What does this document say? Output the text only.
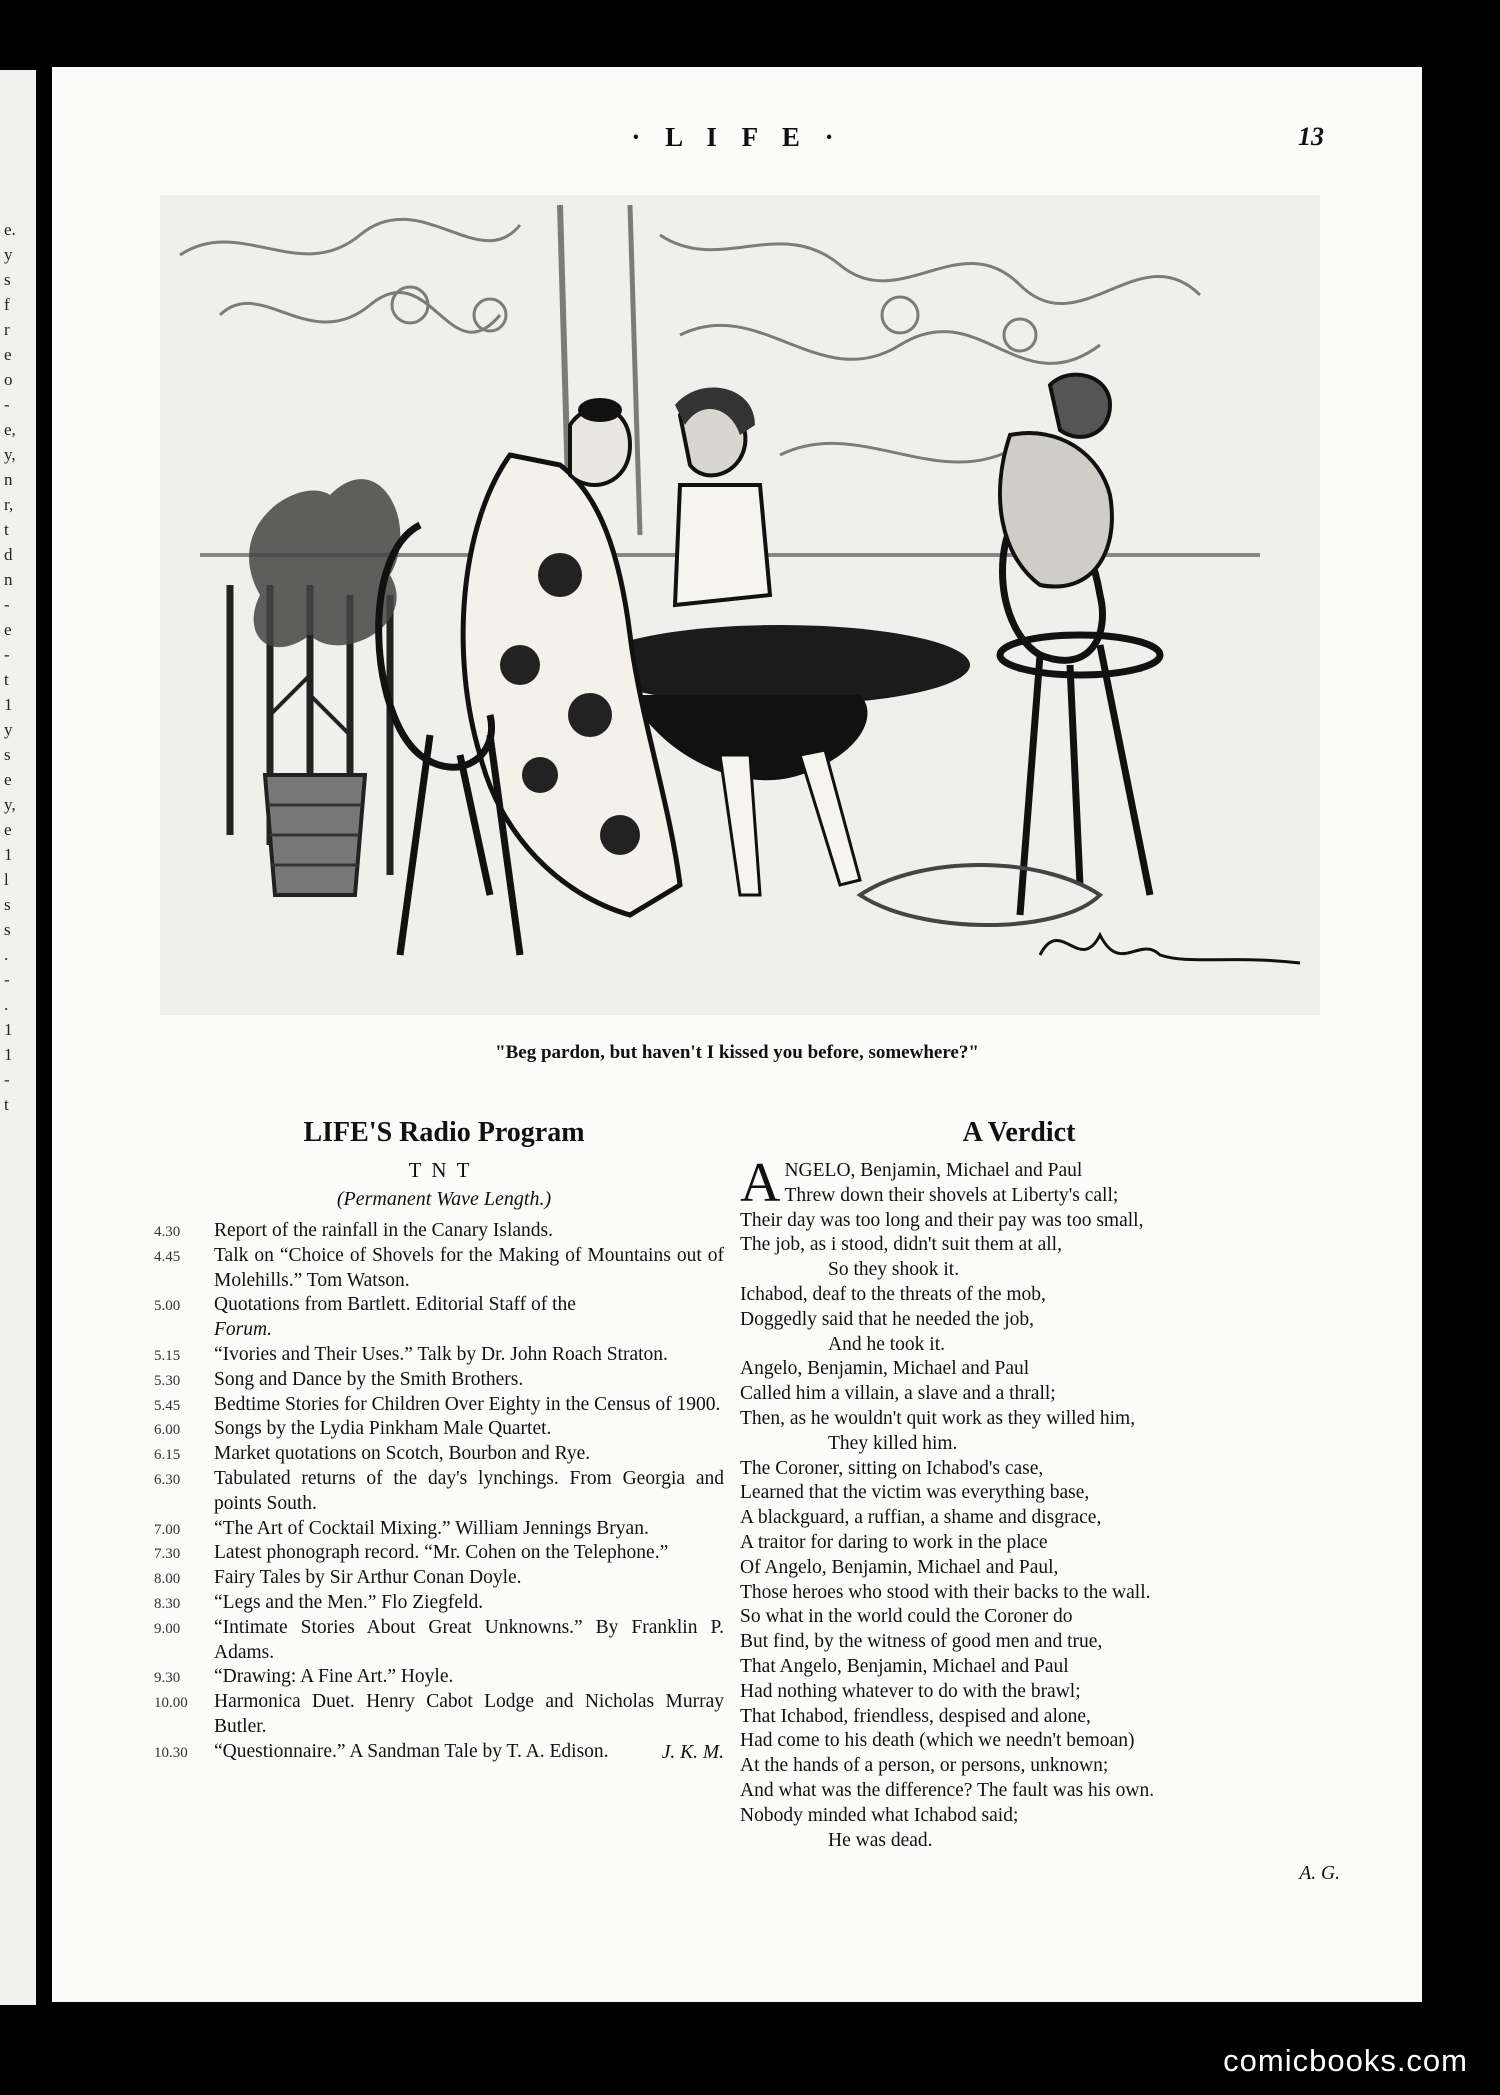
e.
y
s
f
r
e
o
-
e,
y,
n
r,
t
d
n
-
e
-
t
1
y
s
e
y,
e
1
l
s
s
.
-
.
1
1
-
t
· L I F E ·	13
Arthur J. Soon
"Beg pardon, but haven't I kissed you before, somewhere?"
LIFE'S Radio Program
TNT
(Permanent Wave Length.)
4.30	Report of the rainfall in the Canary Islands.
4.45	Talk on “Choice of Shovels for the Making of Mountains out of Molehills.” Tom Watson.
5.00	Quotations from Bartlett. Editorial Staff of the
Forum.
5.15	“Ivories and Their Uses.” Talk by Dr. John Roach Straton.
5.30	Song and Dance by the Smith Brothers.
5.45	Bedtime Stories for Children Over Eighty in the Census of 1900.
6.00	Songs by the Lydia Pinkham Male Quartet.
6.15	Market quotations on Scotch, Bourbon and Rye.
6.30	Tabulated returns of the day's lynchings. From Georgia and points South.
7.00	“The Art of Cocktail Mixing.” William Jennings Bryan.
7.30	Latest phonograph record. “Mr. Cohen on the Telephone.”
8.00	Fairy Tales by Sir Arthur Conan Doyle.
8.30	“Legs and the Men.” Flo Ziegfeld.
9.00	“Intimate Stories About Great Unknowns.” By Franklin P. Adams.
9.30	“Drawing: A Fine Art.” Hoyle.
10.00	Harmonica Duet. Henry Cabot Lodge and Nicholas Murray Butler.
10.30	“Questionnaire.” A Sandman Tale by T. A. Edison.	J. K. M.
A Verdict
A NGELO, Benjamin, Michael and Paul
Threw down their shovels at Liberty's call;
Their day was too long and their pay was too small,
The job, as i stood, didn't suit them at all,
So they shook it.
Ichabod, deaf to the threats of the mob,
Doggedly said that he needed the job,
And he took it.
Angelo, Benjamin, Michael and Paul
Called him a villain, a slave and a thrall;
Then, as he wouldn't quit work as they willed him,
They killed him.
The Coroner, sitting on Ichabod's case,
Learned that the victim was everything base,
A blackguard, a ruffian, a shame and disgrace,
A traitor for daring to work in the place
Of Angelo, Benjamin, Michael and Paul,
Those heroes who stood with their backs to the wall.
So what in the world could the Coroner do
But find, by the witness of good men and true,
That Angelo, Benjamin, Michael and Paul
Had nothing whatever to do with the brawl;
That Ichabod, friendless, despised and alone,
Had come to his death (which we needn't bemoan)
At the hands of a person, or persons, unknown;
And what was the difference? The fault was his own.
Nobody minded what Ichabod said;
He was dead.
A. G.
comicbooks.com
